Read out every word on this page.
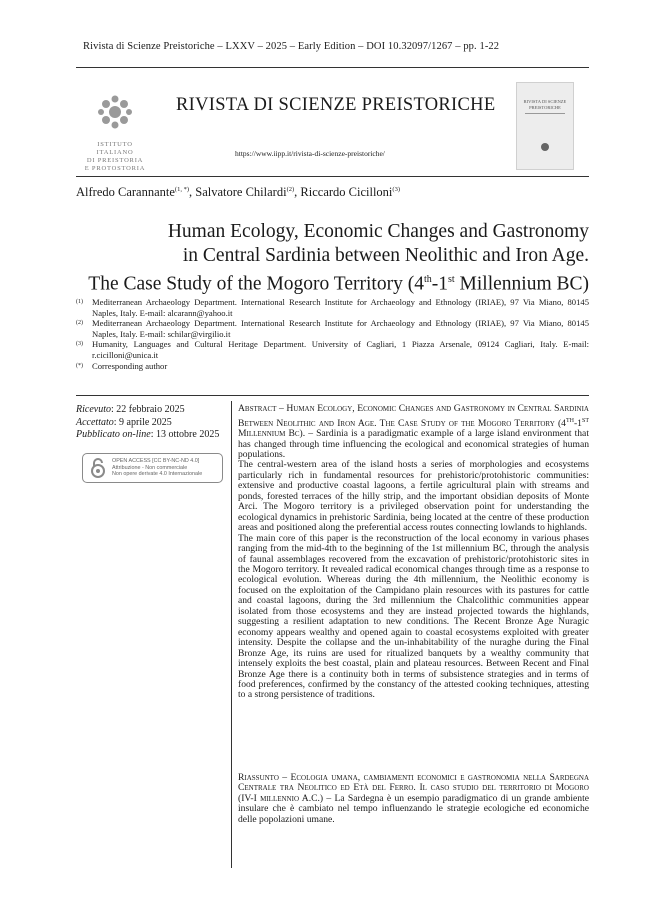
Rivista di Scienze Preistoriche – LXXV – 2025 – Early Edition – DOI 10.32097/1267 – pp. 1-22
ISTITUTO ITALIANO
DI PREISTORIA
E PROTOSTORIA
RIVISTA DI SCIENZE PREISTORICHE
https://www.iipp.it/rivista-di-scienze-preistoriche/
RIVISTA DI SCIENZE PREISTORICHE
Alfredo Carannante$^{(1, *)}$, Salvatore Chilardi$^{(2)}$, Riccardo Cicilloni$^{(3)}$
Human Ecology, Economic Changes and Gastronomy
in Central Sardinia between Neolithic and Iron Age.
The Case Study of the Mogoro Territory (4th-1st Millennium BC)
(1)	Mediterranean Archaeology Department. International Research Institute for Archaeology and Ethnology (IRIAE), 97 Via Miano, 80145 Naples, Italy. E-mail: alcarann@yahoo.it
(2)	Mediterranean Archaeology Department. International Research Institute for Archaeology and Ethnology (IRIAE), 97 Via Miano, 80145 Naples, Italy. E-mail: schilar@virgilio.it
(3)	Humanity, Languages and Cultural Heritage Department. University of Cagliari, 1 Piazza Arsenale, 09124 Cagliari, Italy. E-mail: r.cicilloni@unica.it
(*)	Corresponding author
Ricevuto: 22 febbraio 2025
Accettato: 9 aprile 2025
Pubblicato on-line: 13 ottobre 2025
OPEN ACCESS [CC BY-NC-ND 4.0]
Attribuzione - Non commerciale
Non opere derivate 4.0 Internazionale

Abstract – Human Ecology, Economic Changes and Gastronomy in Central Sardinia Between Neolithic and Iron Age. The Case Study of the Mogoro Territory (4th-1st Millennium Bc). – Sardinia is a paradigmatic example of a large island environment that has changed through time influencing the ecological and economical strategies of human populations.

The central-western area of the island hosts a series of morphologies and ecosystems particularly rich in fundamental resources for prehistoric/protohistoric communities: extensive and productive coastal lagoons, a fertile agricultural plain with streams and ponds, forested terraces of the hilly strip, and the important obsidian deposits of Monte Arci. The Mogoro territory is a privileged observation point for understanding the ecological dynamics in prehistoric Sardinia, being located at the centre of these production areas and positioned along the preferential access routes connecting lowlands to highlands.

The main core of this paper is the reconstruction of the local economy in various phases ranging from the mid-4th to the beginning of the 1st millennium BC, through the analysis of faunal assemblages recovered from the excavation of prehistoric/protohistoric sites in the Mogoro territory. It revealed radical economical changes through time as a response to ecological evolution. Whereas during the 4th millennium, the Neolithic economy is focused on the exploitation of the Campidano plain resources with its pastures for cattle and coastal lagoons, during the 3rd millennium the Chalcolithic communities appear isolated from those ecosystems and they are instead projected towards the highlands, suggesting a resilient adaptation to new conditions. The Recent Bronze Age Nuragic economy appears wealthy and opened again to coastal ecosystems exploited with greater intensity. Despite the collapse and the un-inhabitability of the nuraghe during the Final Bronze Age, its ruins are used for ritualized banquets by a wealthy community that intensely exploits the best coastal, plain and plateau resources. Between Recent and Final Bronze Age there is a continuity both in terms of subsistence strategies and in terms of food preferences, confirmed by the constancy of the attested cooking techniques, attesting to a strong persistence of traditions.

Riassunto – Ecologia umana, cambiamenti economici e gastronomia nella Sardegna Centrale tra Neolitico ed Età del Ferro. Il caso studio del territorio di Mogoro (IV-I millennio A.C.) – La Sardegna è un esempio paradigmatico di un grande ambiente insulare che è cambiato nel tempo influenzando le strategie ecologiche ed economiche delle popolazioni umane.
